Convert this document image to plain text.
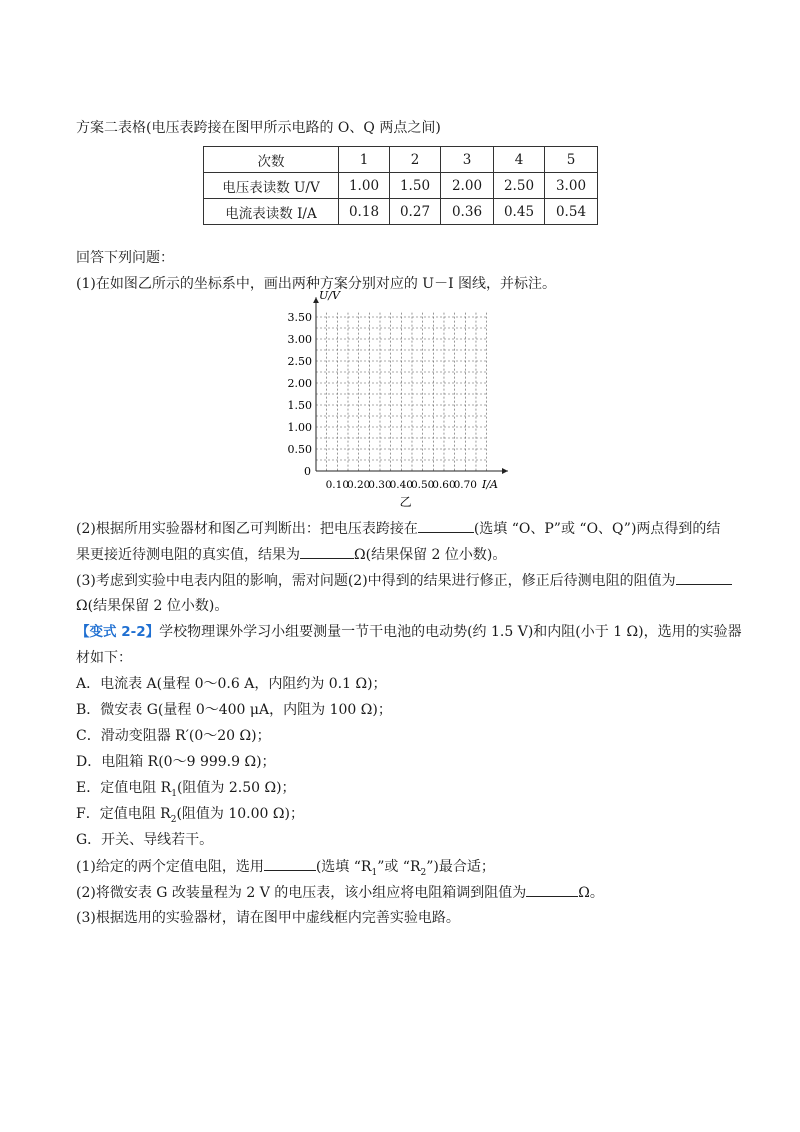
方案二表格(电压表跨接在图甲所示电路的 O、Q 两点之间)
次数	1	2	3	4	5
电压表读数 U/V	1.00	1.50	2.00	2.50	3.00
电流表读数 I/A	0.18	0.27	0.36	0.45	0.54
回答下列问题：
(1)在如图乙所示的坐标系中，画出两种方案分别对应的 U－I 图线，并标注。
0.50
1.00
1.50
2.00
2.50
3.00
3.50
0.10
0.20
0.30
0.40
0.50
0.60
0.70
0
U/V
I/A
乙
(2)根据所用实验器材和图乙可判断出：把电压表跨接在	(选填 “O、P”或 “O、Q”)两点得到的结
果更接近待测电阻的真实值，结果为	Ω(结果保留 2 位小数)。
(3)考虑到实验中电表内阻的影响，需对问题(2)中得到的结果进行修正，修正后待测电阻的阻值为
Ω(结果保留 2 位小数)。
【变式 2-2】学校物理课外学习小组要测量一节干电池的电动势(约 1.5 V)和内阻(小于 1 Ω)，选用的实验器
材如下：
A．电流表 A(量程 0～0.6 A，内阻约为 0.1 Ω)；
B．微安表 G(量程 0～400 μA，内阻为 100 Ω)；
C．滑动变阻器 R′(0～20 Ω)；
D．电阻箱 R(0～9 999.9 Ω)；
E．定值电阻 $R_1$(阻值为 2.50 Ω)；
F．定值电阻 $R_2$(阻值为 10.00 Ω)；
G．开关、导线若干。
(1)给定的两个定值电阻，选用	(选填 “$R_1$”或 “$R_2$”)最合适；
(2)将微安表 G 改装量程为 2 V 的电压表，该小组应将电阻箱调到阻值为	Ω。
(3)根据选用的实验器材，请在图甲中虚线框内完善实验电路。
